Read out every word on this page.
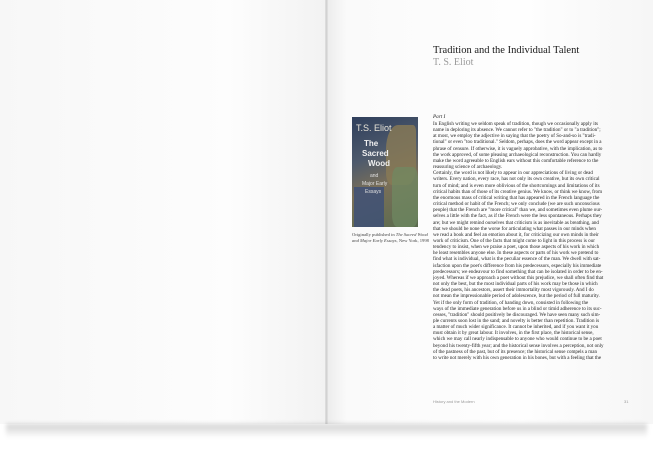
Tradition and the Individual Talent
T. S. Eliot
T.S. Eliot
The
Sacred
Wood
and
Major Early
Essays
Originally published in The Sacred Wood and Major Early Essays, New York, 1998
Part I
In English writing we seldom speak of tradition, though we occasionally apply its
name in deploring its absence. We cannot refer to "the tradition" or to "a tradition";
at most, we employ the adjective in saying that the poetry of So-and-so is "tradi-
tional" or even "too traditional." Seldom, perhaps, does the word appear except in a
phrase of censure. If otherwise, it is vaguely approbative, with the implication, as to
the work approved, of some pleasing archaeological reconstruction. You can hardly
make the word agreeable to English ears without this comfortable reference to the
reassuring science of archaeology.
Certainly, the word is not likely to appear in our appreciations of living or dead
writers. Every nation, every race, has not only its own creative, but its own critical
turn of mind; and is even more oblivious of the shortcomings and limitations of its
critical habits than of those of its creative genius. We know, or think we know, from
the enormous mass of critical writing that has appeared in the French language the
critical method or habit of the French; we only conclude (we are such unconscious
people) that the French are "more critical" than we, and sometimes even plume our-
selves a little with the fact, as if the French were the less spontaneous. Perhaps they
are; but we might remind ourselves that criticism is as inevitable as breathing, and
that we should be none the worse for articulating what passes in our minds when
we read a book and feel an emotion about it, for criticizing our own minds in their
work of criticism. One of the facts that might come to light in this process is our
tendency to insist, when we praise a poet, upon those aspects of his work in which
he least resembles anyone else. In these aspects or parts of his work we pretend to
find what is individual, what is the peculiar essence of the man. We dwell with sat-
isfaction upon the poet's difference from his predecessors, especially his immediate
predecessors; we endeavour to find something that can be isolated in order to be en-
joyed. Whereas if we approach a poet without this prejudice, we shall often find that
not only the best, but the most individual parts of his work may be those in which
the dead poets, his ancestors, assert their immortality most vigorously. And I do
not mean the impressionable period of adolescence, but the period of full maturity.
Yet if the only form of tradition, of handing down, consisted in following the
ways of the immediate generation before us in a blind or timid adherence to its suc-
cesses, "tradition" should positively be discouraged. We have seen many such sim-
ple currents soon lost in the sand; and novelty is better than repetition. Tradition is
a matter of much wider significance. It cannot be inherited, and if you want it you
must obtain it by great labour. It involves, in the first place, the historical sense,
which we may call nearly indispensable to anyone who would continue to be a poet
beyond his twenty-fifth year; and the historical sense involves a perception, not only
of the pastness of the past, but of its presence; the historical sense compels a man
to write not merely with his own generation in his bones, but with a feeling that the
History and the Modern	31
